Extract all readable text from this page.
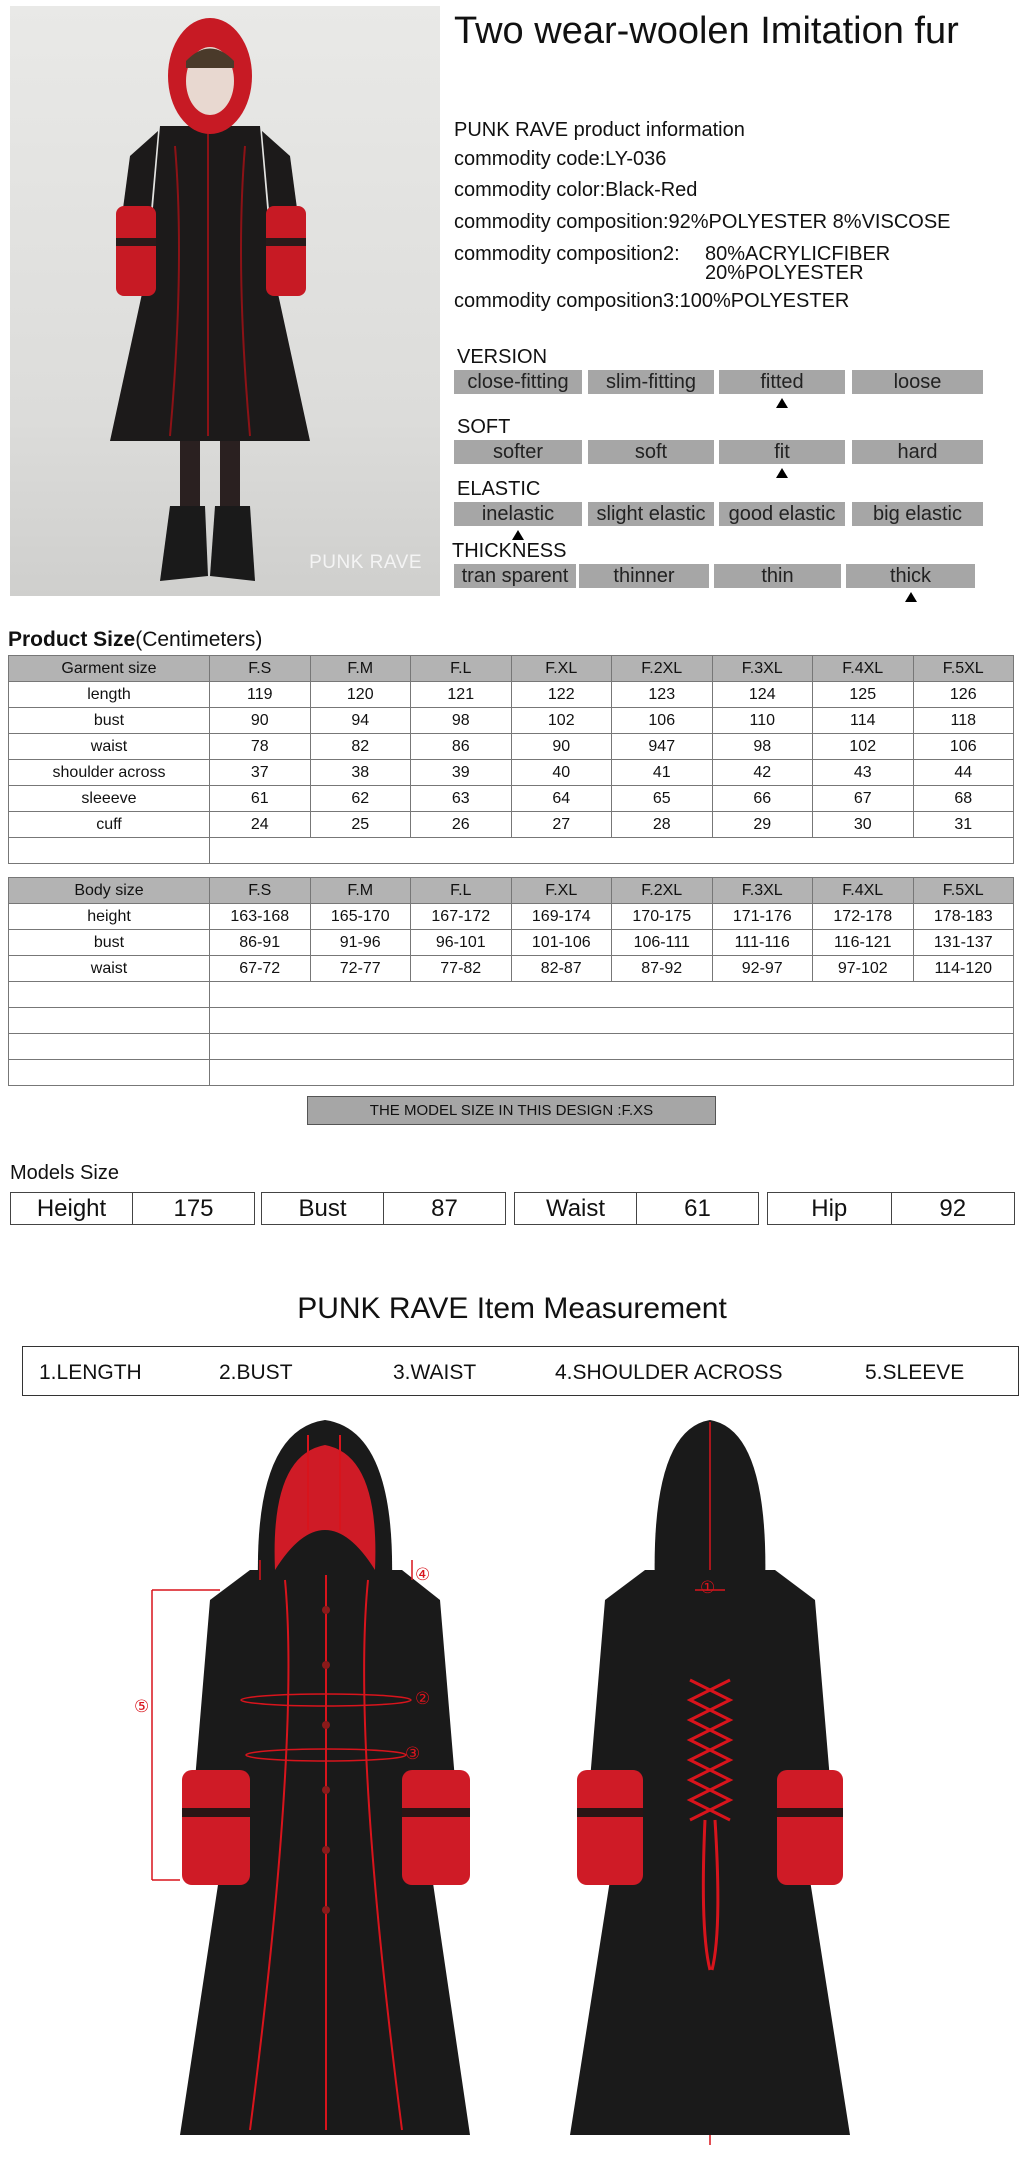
PUNK RAVE
Two wear-woolen Imitation fur
PUNK RAVE product information
commodity code:LY-036
commodity color:Black-Red
commodity composition:92%POLYESTER 8%VISCOSE
commodity composition2: 80%ACRYLICFIBER
20%POLYESTER
commodity composition3:100%POLYESTER
VERSION
close-fitting	slim-fitting	fitted	loose
SOFT
softer	soft	fit	hard
ELASTIC
inelastic	slight elastic	good elastic	big elastic
THICKNESS
tran sparent	thinner	thin	thick
Product Size(Centimeters)
Garment size	F.S	F.M	F.L	F.XL	F.2XL	F.3XL	F.4XL	F.5XL
length	119	120	121	122	123	124	125	126
bust	90	94	98	102	106	110	114	118
waist	78	82	86	90	947	98	102	106
shoulder across	37	38	39	40	41	42	43	44
sleeeve	61	62	63	64	65	66	67	68
cuff	24	25	26	27	28	29	30	31

Body size	F.S	F.M	F.L	F.XL	F.2XL	F.3XL	F.4XL	F.5XL
height	163-168	165-170	167-172	169-174	170-175	171-176	172-178	178-183
bust	86-91	91-96	96-101	101-106	106-111	111-116	116-121	131-137
waist	67-72	72-77	77-82	82-87	87-92	92-97	97-102	114-120

THE MODEL SIZE IN THIS DESIGN :F.XS
Models Size
Height	175	Bust	87	Waist	61	Hip	92
PUNK RAVE Item Measurement
1.LENGTH	2.BUST	3.WAIST	4.SHOULDER ACROSS	5.SLEEVE
⑤
④
②
③
①
